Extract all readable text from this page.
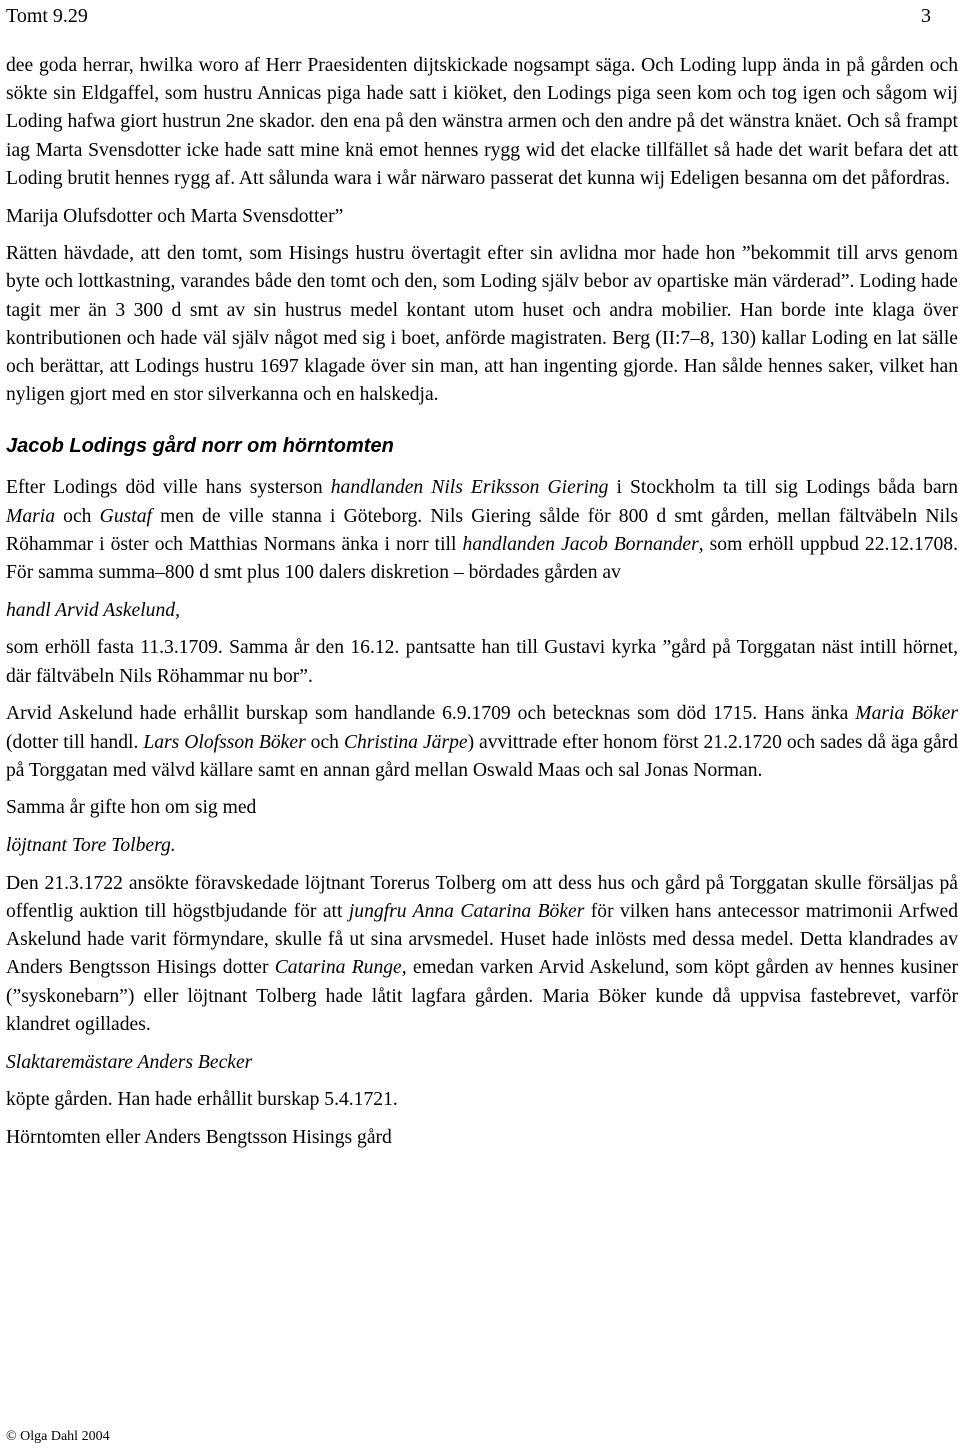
Tomt 9.29	3

dee goda herrar, hwilka woro af Herr Praesidenten dijtskickade nogsampt säga. Och Loding lupp ända in på gården och sökte sin Eldgaffel, som hustru Annicas piga hade satt i kiöket, den Lodings piga seen kom och tog igen och sågom wij Loding hafwa giort hustrun 2ne skador. den ena på den wänstra armen och den andre på det wänstra knäet. Och så frampt iag Marta Svensdotter icke hade satt mine knä emot hennes rygg wid det elacke tillfället så hade det warit befara det att Loding brutit hennes rygg af. Att sålunda wara i wår närwaro passerat det kunna wij Edeligen besanna om det påfordras.

Marija Olufsdotter och Marta Svensdotter”

Rätten hävdade, att den tomt, som Hisings hustru övertagit efter sin avlidna mor hade hon ”bekommit till arvs genom byte och lottkastning, varandes både den tomt och den, som Loding själv bebor av opartiske män värderad”. Loding hade tagit mer än 3 300 d smt av sin hustrus medel kontant utom huset och andra mobilier. Han borde inte klaga över kontributionen och hade väl själv något med sig i boet, anförde magistraten. Berg (II:7–8, 130) kallar Loding en lat sälle och berättar, att Lodings hustru 1697 klagade över sin man, att han ingenting gjorde. Han sålde hennes saker, vilket han nyligen gjort med en stor silverkanna och en halskedja.

Jacob Lodings gård norr om hörntomten

Efter Lodings död ville hans systerson handlanden Nils Eriksson Giering i Stockholm ta till sig Lodings båda barn Maria och Gustaf men de ville stanna i Göteborg. Nils Giering sålde för 800 d smt gården, mellan fältväbeln Nils Röhammar i öster och Matthias Normans änka i norr till handlanden Jacob Bornander, som erhöll uppbud 22.12.1708. För samma summa–800 d smt plus 100 dalers diskretion – bördades gården av

handl Arvid Askelund,

som erhöll fasta 11.3.1709. Samma år den 16.12. pantsatte han till Gustavi kyrka ”gård på Torggatan näst intill hörnet, där fältväbeln Nils Röhammar nu bor”.

Arvid Askelund hade erhållit burskap som handlande 6.9.1709 och betecknas som död 1715. Hans änka Maria Böker (dotter till handl. Lars Olofsson Böker och Christina Järpe) avvittrade efter honom först 21.2.1720 och sades då äga gård på Torggatan med välvd källare samt en annan gård mellan Oswald Maas och sal Jonas Norman.

Samma år gifte hon om sig med

löjtnant Tore Tolberg.

Den 21.3.1722 ansökte föravskedade löjtnant Torerus Tolberg om att dess hus och gård på Torggatan skulle försäljas på offentlig auktion till högstbjudande för att jungfru Anna Catarina Böker för vilken hans antecessor matrimonii Arfwed Askelund hade varit förmyndare, skulle få ut sina arvsmedel. Huset hade inlösts med dessa medel. Detta klandrades av Anders Bengtsson Hisings dotter Catarina Runge, emedan varken Arvid Askelund, som köpt gården av hennes kusiner (”syskonebarn”) eller löjtnant Tolberg hade låtit lagfara gården. Maria Böker kunde då uppvisa fastebrevet, varför klandret ogillades.

Slaktaremästare Anders Becker

köpte gården. Han hade erhållit burskap 5.4.1721.

Hörntomten eller Anders Bengtsson Hisings gård

© Olga Dahl 2004
